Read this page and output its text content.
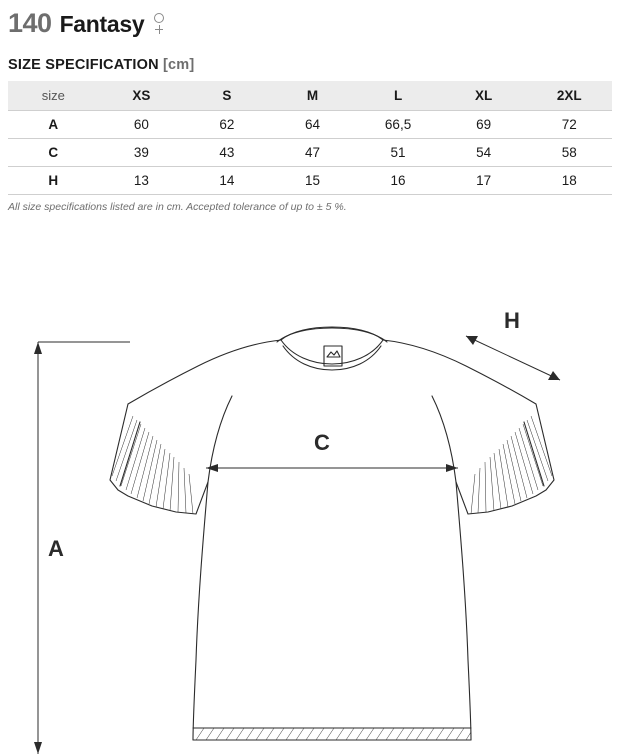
140 Fantasy
SIZE SPECIFICATION [cm]
size	XS	S	M	L	XL	2XL
A	60	62	64	66,5	69	72
C	39	43	47	51	54	58
H	13	14	15	16	17	18
All size specifications listed are in cm. Accepted tolerance of up to ± 5 %.
A
C
H
